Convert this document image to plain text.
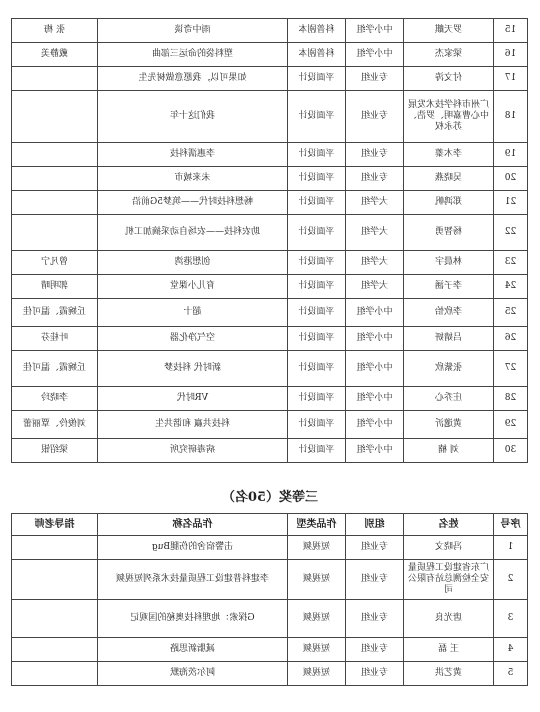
15	罗天麒	中小学组	科普剧本	雨中奇谈	张 梅
16	梁家杰	中小学组	科普剧本	塑料袋的命运三部曲	戴静美
17	付文涛	专业组	平面设计	如果可以，我愿意做树先生	
18	广州市科学技术发展中心曹嘉明、罗浩、苏永权	专业组	平面设计	我们这十年	
19	李木蓁	专业组	平面设计	李惠濡科技	
20	吴晓燕	专业组	平面设计	未来城市	
21	郑鸿帆	大学组	平面设计	畅想科技时代——筑梦5G前沿	
22	杨智勇	大学组	平面设计	助农科技——农场自动采摘加工机	
23	林晨宇	大学组	平面设计	创想港湾	曾凡宁
24	李子涵	大学组	平面设计	育儿小课堂	郭明晴
25	李欣怡	中小学组	平面设计	超十	丘婉霞、温可佳
26	吕婧妍	中小学组	平面设计	空气净化器	叶桂芬
27	张紫欣	中小学组	平面设计	新时代 科技梦	丘婉霞、温可佳
28	庄乔心	中小学组	平面设计	VR时代	李晓玲
29	黄邈沂	中小学组	平面设计	科技共赢 和谐共生	刘俊伶、覃丽蕾
30	刘 楠	中小学组	平面设计	病毒研究所	梁绍银
三等奖（50名）
序号	姓名	组别	作品类型	作品名称	指导老师
1	冯晓文	专业组	短视频	击警宿舍的伤腿Bug	
2	广东省建设工程质量安全检测总站有限公司	专业组	短视频	李建科普建设工程质量技术系列短视频	
3	唐光良	专业组	短视频	G探索：地理科技奥秘的国观记	
4	王 磊	专业组	短视频	减脂新思路	
5	黄艺洪	专业组	短视频	阿尔茨海默	
